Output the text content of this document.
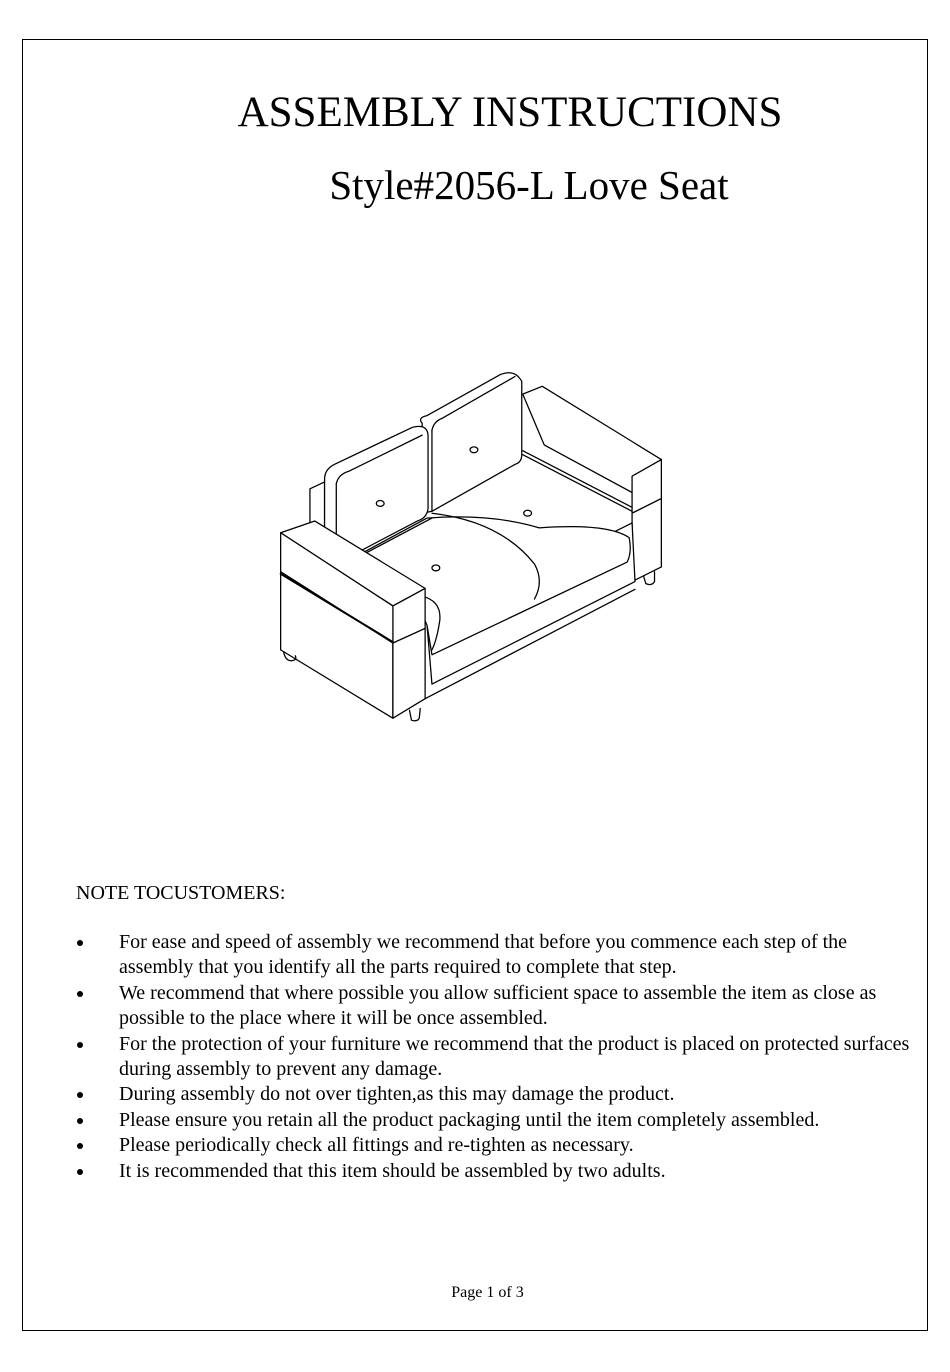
ASSEMBLY INSTRUCTIONS
Style#2056-L Love Seat
NOTE TOCUSTOMERS:
For ease and speed of assembly we recommend that before you commence each step of the assembly that you identify all the parts required to complete that step.
We recommend that where possible you allow sufficient space to assemble the item as close as possible to the place where it will be once assembled.
For the protection of your furniture we recommend that the product is placed on protected surfaces during assembly to prevent any damage.
During assembly do not over tighten,as this may damage the product.
Please ensure you retain all the product packaging until the item completely assembled.
Please periodically check all fittings and re-tighten as necessary.
It is recommended that this item should be assembled by two adults.
Page 1 of 3
